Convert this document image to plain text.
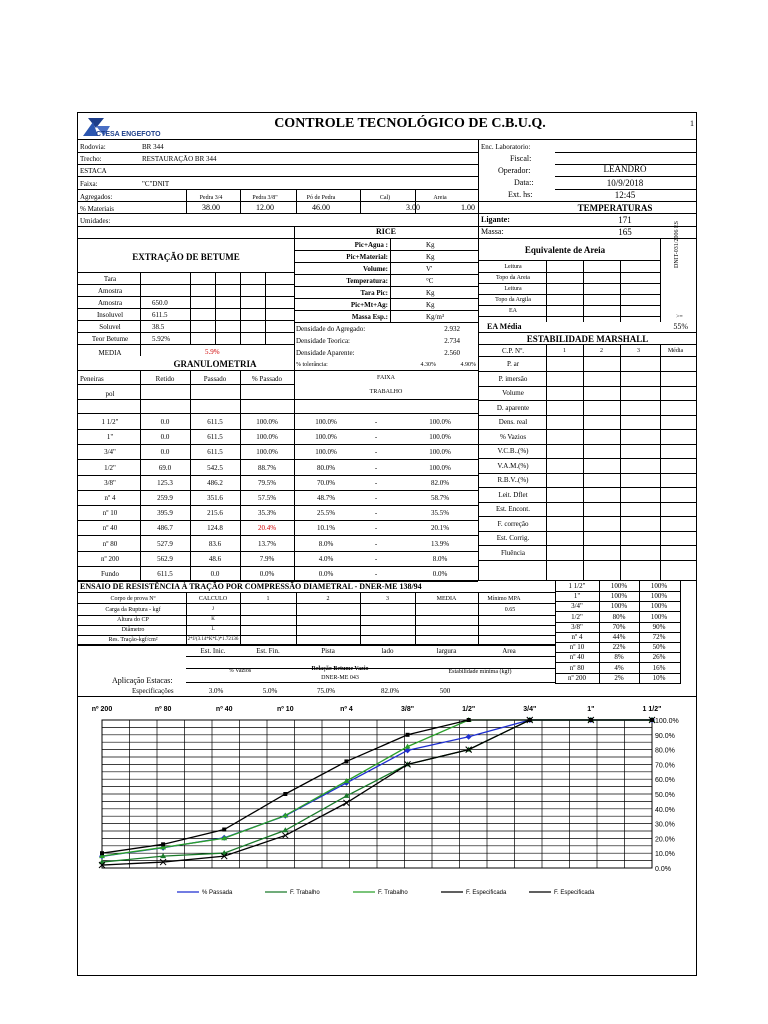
CTESA ENGEFOTO
CONTROLE TECNOLÓGICO DE C.B.U.Q.	1
Rodovia:	BR 344
Trecho:	RESTAURAÇÃO BR 344
ESTACA
Faixa:	"C"DNIT
Enc. Laboratorio:
Fiscal:
Operador:	LEANDRO
Data::	10/9/2018
Ext. hs:	12:45
Agregados:	Pedra 3/4	Pedra 3/8"	Pó de Pedra	Cal)	Areia
% Materiais	38.00	12.00	46.00	3.00	1.00
Umidades:
TEMPERATURAS
Ligante:	171
Massa:	165
RICE
EXTRAÇÃO DE BETUME
Densidade do Agregado:	2.932
Densidade Teorica:	2.734
Densidade Aparente:	2.560
% tolerância:	4.30%	4.90%
MEDIA	5.9%
Equivalente de Areia	DNIT-031/2006 ES
>=
EA Média	55%
ESTABILIDADE MARSHALL
GRANULOMETRIA
ENSAIO DE RESISTÊNCIA À TRAÇÃO POR COMPRESSÃO DIAMETRAL - DNER-ME 138/94
nº 200	nº 80	nº 40	nº 10	nº 4	3/8"	1/2"	3/4"	1"	1 1/2"
100.0%
90.0%
80.0%
70.0%
60.0%
50.0%
40.0%
30.0%
20.0%
10.0%
0.0%
% Passada	F. Trabalho	F. Trabalho	F. Especificada	F. Especificada
Pic+Agua :	Kg
Pic+Material:	Kg
Volume:	V'
Temperatura:	°C
Tara Pic:	Kg
Pic+Mt+Ag:	Kg
Massa Esp.:	Kg/m³
Tara
Amostra
Amostra	650.0
Insoluvel	611.5
Soluvel	38.5
Teor Betume	5.92%
Leitura
Topo da Areia
Leitura
Topo da Argila
EA
Peneiras	Retido	Passado	% Passado	FAIXA
TRABALHO
pol
1 1/2"	0.0	611.5	100.0%	100.0%	-	100.0%
1"	0.0	611.5	100.0%	100.0%	-	100.0%
3/4"	0.0	611.5	100.0%	100.0%	-	100.0%
1/2"	69.0	542.5	88.7%	80.0%	-	100.0%
3/8"	125.3	486.2	79.5%	70.0%	-	82.0%
nº 4	259.9	351.6	57.5%	48.7%	-	58.7%
nº 10	395.9	215.6	35.3%	25.5%	-	35.5%
nº 40	486.7	124.8	20.4%	10.1%	-	20.1%
nº 80	527.9	83.6	13.7%	8.0%	-	13.9%
nº 200	562.9	48.6	7.9%	4.0%	-	8.0%
Fundo	611.5	0.0	0.0%	0.0%	-	0.0%
C.P. Nº.	1	2	3	Média
P. ar
P. imersão
Volume
D. aparente
Dens. real
% Vazios
V.C.B..(%)
V.A.M.(%)
R.B.V..(%)
Leit. Dflet
Est. Encont.
F. correção
Est. Corrig.
Fluência
Corpo de prova Nº	CALCULO	1	2	3	MEDIA	Mínimo MPA
Carga da Ruptura - kgf	J
Altura do CP	K
Diâmetro	L
Res. Tração-kgf/cm²	2*J/(3.14*K*L)*1.72136
0.65
1 1/2"	100%	100%
1"	100%	100%
3/4"	100%	100%
1/2"	80%	100%
3/8"	70%	90%
nº 4	44%	72%
nº 10	22%	50%
nº 40	8%	26%
nº 80	4%	16%
nº 200	2%	10%
Aplicação Estacas:
Est. Inic.	Est. Fin.	Pista	lado	largura	Area
% Vazios	Relação Betume Vazio	Estabilidade mínima (kgf)
DNER-ME 043
Especificações	3.0%	5.0%	75.0%	82.0%	500
